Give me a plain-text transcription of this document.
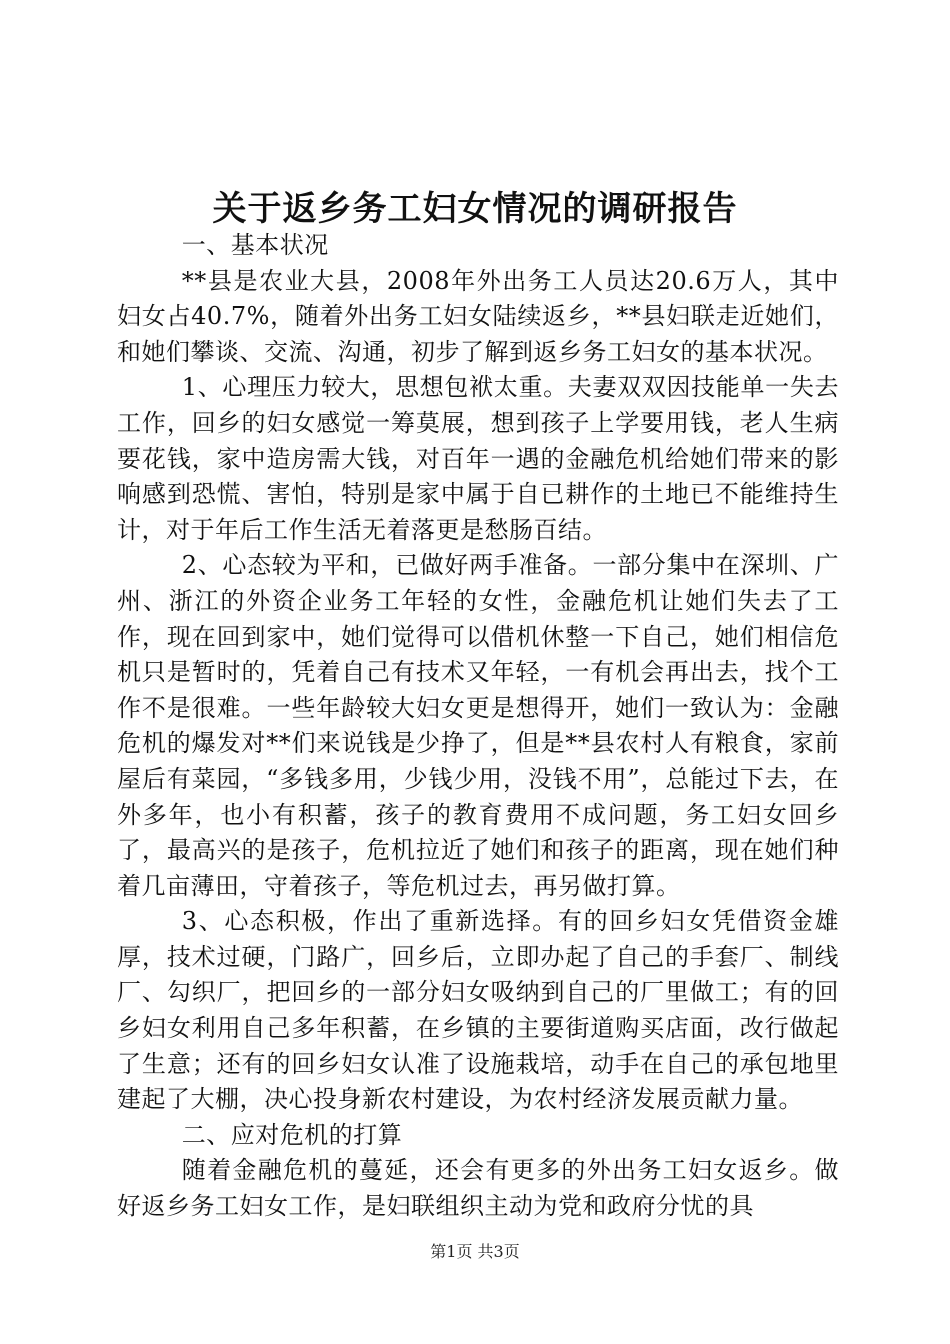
关于返乡务工妇女情况的调研报告

一、基本状况

**县是农业大县，2008年外出务工人员达20.6万人，其中妇女占40.7%，随着外出务工妇女陆续返乡，**县妇联走近她们，和她们攀谈、交流、沟通，初步了解到返乡务工妇女的基本状况。

1、心理压力较大，思想包袱太重。夫妻双双因技能单一失去工作，回乡的妇女感觉一筹莫展，想到孩子上学要用钱，老人生病要花钱，家中造房需大钱，对百年一遇的金融危机给她们带来的影响感到恐慌、害怕，特别是家中属于自已耕作的土地已不能维持生计，对于年后工作生活无着落更是愁肠百结。

2、心态较为平和，已做好两手准备。一部分集中在深圳、广州、浙江的外资企业务工年轻的女性，金融危机让她们失去了工作，现在回到家中，她们觉得可以借机休整一下自己，她们相信危机只是暂时的，凭着自己有技术又年轻，一有机会再出去，找个工作不是很难。一些年龄较大妇女更是想得开，她们一致认为：金融危机的爆发对**们来说钱是少挣了，但是**县农村人有粮食，家前屋后有菜园，“多钱多用，少钱少用，没钱不用”，总能过下去，在外多年，也小有积蓄，孩子的教育费用不成问题，务工妇女回乡了，最高兴的是孩子，危机拉近了她们和孩子的距离，现在她们种着几亩薄田，守着孩子，等危机过去，再另做打算。

3、心态积极，作出了重新选择。有的回乡妇女凭借资金雄厚，技术过硬，门路广，回乡后，立即办起了自己的手套厂、制线厂、勾织厂，把回乡的一部分妇女吸纳到自己的厂里做工；有的回乡妇女利用自己多年积蓄，在乡镇的主要街道购买店面，改行做起了生意；还有的回乡妇女认准了设施栽培，动手在自己的承包地里建起了大棚，决心投身新农村建设，为农村经济发展贡献力量。

二、应对危机的打算

随着金融危机的蔓延，还会有更多的外出务工妇女返乡。做好返乡务工妇女工作，是妇联组织主动为党和政府分忧的具

第1页 共3页
